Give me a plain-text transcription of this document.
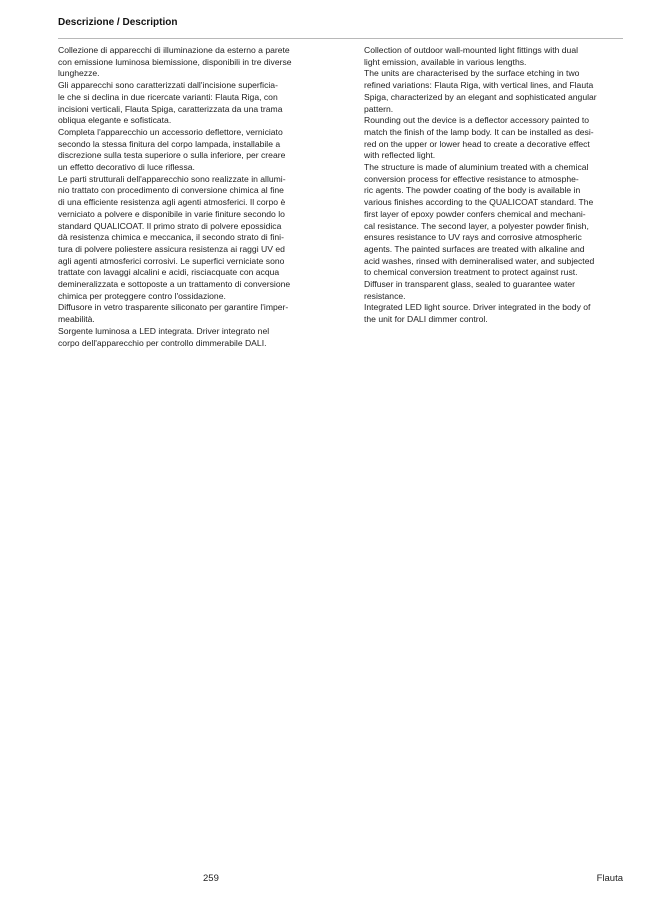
Descrizione / Description
Collezione di apparecchi di illuminazione da esterno a parete
con emissione luminosa biemissione, disponibili in tre diverse
lunghezze.
Gli apparecchi sono caratterizzati dall'incisione superficia-
le che si declina in due ricercate varianti: Flauta Riga, con
incisioni verticali, Flauta Spiga, caratterizzata da una trama
obliqua elegante e sofisticata.
Completa l'apparecchio un accessorio deflettore, verniciato
secondo la stessa finitura del corpo lampada, installabile a
discrezione sulla testa superiore o sulla inferiore, per creare
un effetto decorativo di luce riflessa.
Le parti strutturali dell'apparecchio sono realizzate in allumi-
nio trattato con procedimento di conversione chimica al fine
di una efficiente resistenza agli agenti atmosferici. Il corpo è
verniciato a polvere e disponibile in varie finiture secondo lo
standard QUALICOAT. Il primo strato di polvere epossidica
dà resistenza chimica e meccanica, il secondo strato di fini-
tura di polvere poliestere assicura resistenza ai raggi UV ed
agli agenti atmosferici corrosivi. Le superfici verniciate sono
trattate con lavaggi alcalini e acidi, risciacquate con acqua
demineralizzata e sottoposte a un trattamento di conversione
chimica per proteggere contro l'ossidazione.
Diffusore in vetro trasparente siliconato per garantire l'imper-
meabilità.
Sorgente luminosa a LED integrata. Driver integrato nel
corpo dell'apparecchio per controllo dimmerabile DALI.
Collection of outdoor wall-mounted light fittings with dual
light emission, available in various lengths.
The units are characterised by the surface etching in two
refined variations: Flauta Riga, with vertical lines, and Flauta
Spiga, characterized by an elegant and sophisticated angular
pattern.
Rounding out the device is a deflector accessory painted to
match the finish of the lamp body. It can be installed as desi-
red on the upper or lower head to create a decorative effect
with reflected light.
The structure is made of aluminium treated with a chemical
conversion process for effective resistance to atmosphe-
ric agents. The powder coating of the body is available in
various finishes according to the QUALICOAT standard. The
first layer of epoxy powder confers chemical and mechani-
cal resistance. The second layer, a polyester powder finish,
ensures resistance to UV rays and corrosive atmospheric
agents. The painted surfaces are treated with alkaline and
acid washes, rinsed with demineralised water, and subjected
to chemical conversion treatment to protect against rust.
Diffuser in transparent glass, sealed to guarantee water
resistance.
Integrated LED light source. Driver integrated in the body of
the unit for DALI dimmer control.
259	Flauta
